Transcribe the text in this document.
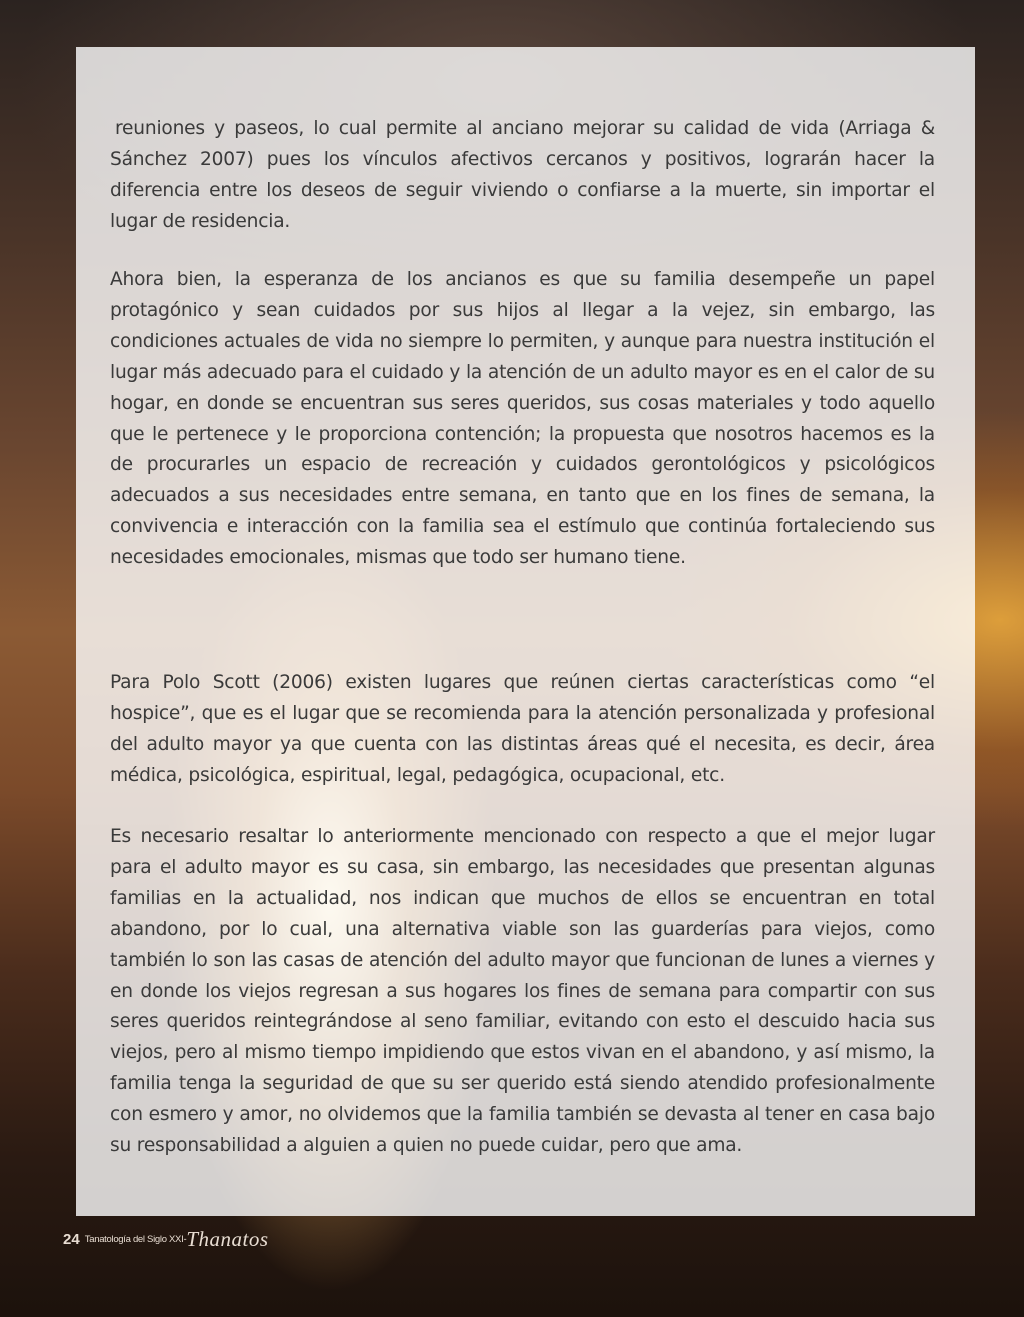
reuniones y paseos, lo cual permite al anciano mejorar su calidad de vida (Arriaga & Sánchez 2007) pues los vínculos afectivos cercanos y positivos, lograrán hacer la diferencia entre los deseos de seguir viviendo o confiarse a la muerte, sin importar el lugar de residencia.

Ahora bien, la esperanza de los ancianos es que su familia desempeñe un papel protagónico y sean cuidados por sus hijos al llegar a la vejez, sin embargo, las condiciones actuales de vida no siempre lo permiten, y aunque para nuestra institución el lugar más adecuado para el cuidado y la atención de un adulto mayor es en el calor de su hogar, en donde se encuentran sus seres queridos, sus cosas materiales y todo aquello que le pertenece y le proporciona contención; la propuesta que nosotros hacemos es la de procurarles un espacio de recreación y cuidados gerontológicos y psicológicos adecuados a sus necesidades entre semana, en tanto que en los fines de semana, la convivencia e interacción con la familia sea el estímulo que continúa fortaleciendo sus necesidades emocionales, mismas que todo ser humano tiene.

Para Polo Scott (2006) existen lugares que reúnen ciertas características como “el hospice”, que es el lugar que se recomienda para la atención personalizada y profesional del adulto mayor ya que cuenta con las distintas áreas qué el necesita, es decir, área médica, psicológica, espiritual, legal, pedagógica, ocupacional, etc.

Es necesario resaltar lo anteriormente mencionado con respecto a que el mejor lugar para el adulto mayor es su casa, sin embargo, las necesidades que presentan algunas familias en la actualidad, nos indican que muchos de ellos se encuentran en total abandono, por lo cual, una alternativa viable son las guarderías para viejos, como también lo son las casas de atención del adulto mayor que funcionan de lunes a viernes y en donde los viejos regresan a sus hogares los fines de semana para compartir con sus seres queridos reintegrándose al seno familiar, evitando con esto el descuido hacia sus viejos, pero al mismo tiempo impidiendo que estos vivan en el abandono, y así mismo, la familia tenga la seguridad de que su ser querido está siendo atendido profesionalmente con esmero y amor, no olvidemos que la familia también se devasta al tener en casa bajo su responsabilidad a alguien a quien no puede cuidar, pero que ama.

24 Tanatología del Siglo XXI-Thanatos
